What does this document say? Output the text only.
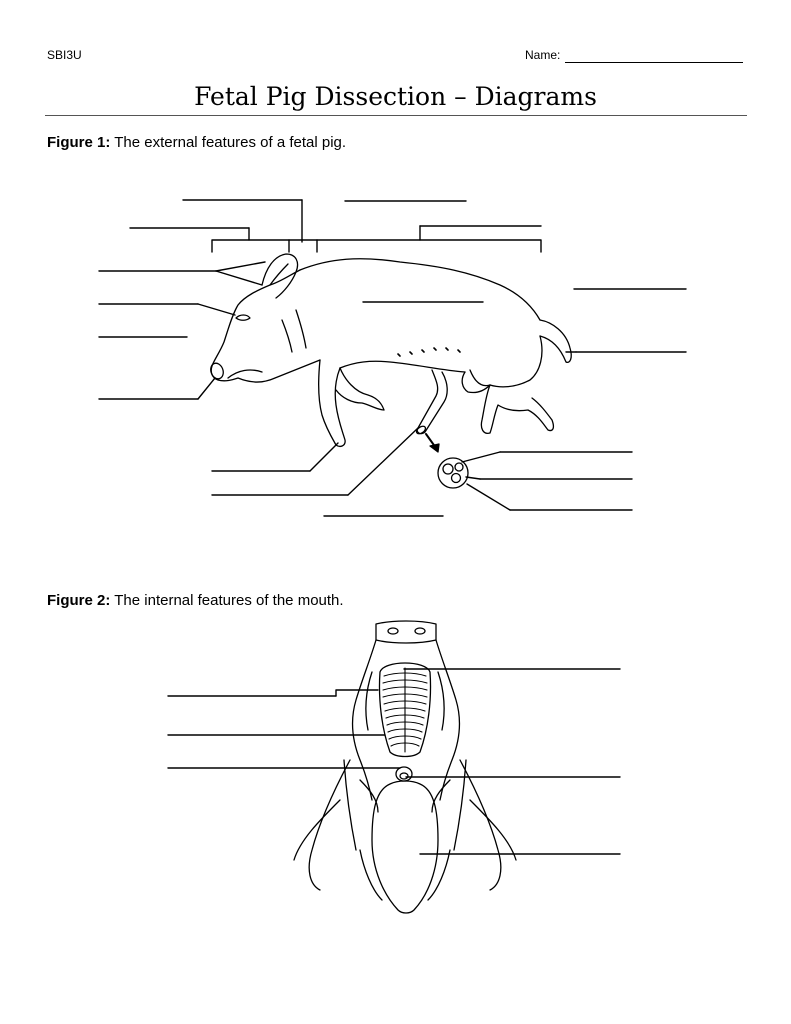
SBI3U	Name:
Fetal Pig Dissection – Diagrams
Figure 1: The external features of a fetal pig.
Figure 2: The internal features of the mouth.
